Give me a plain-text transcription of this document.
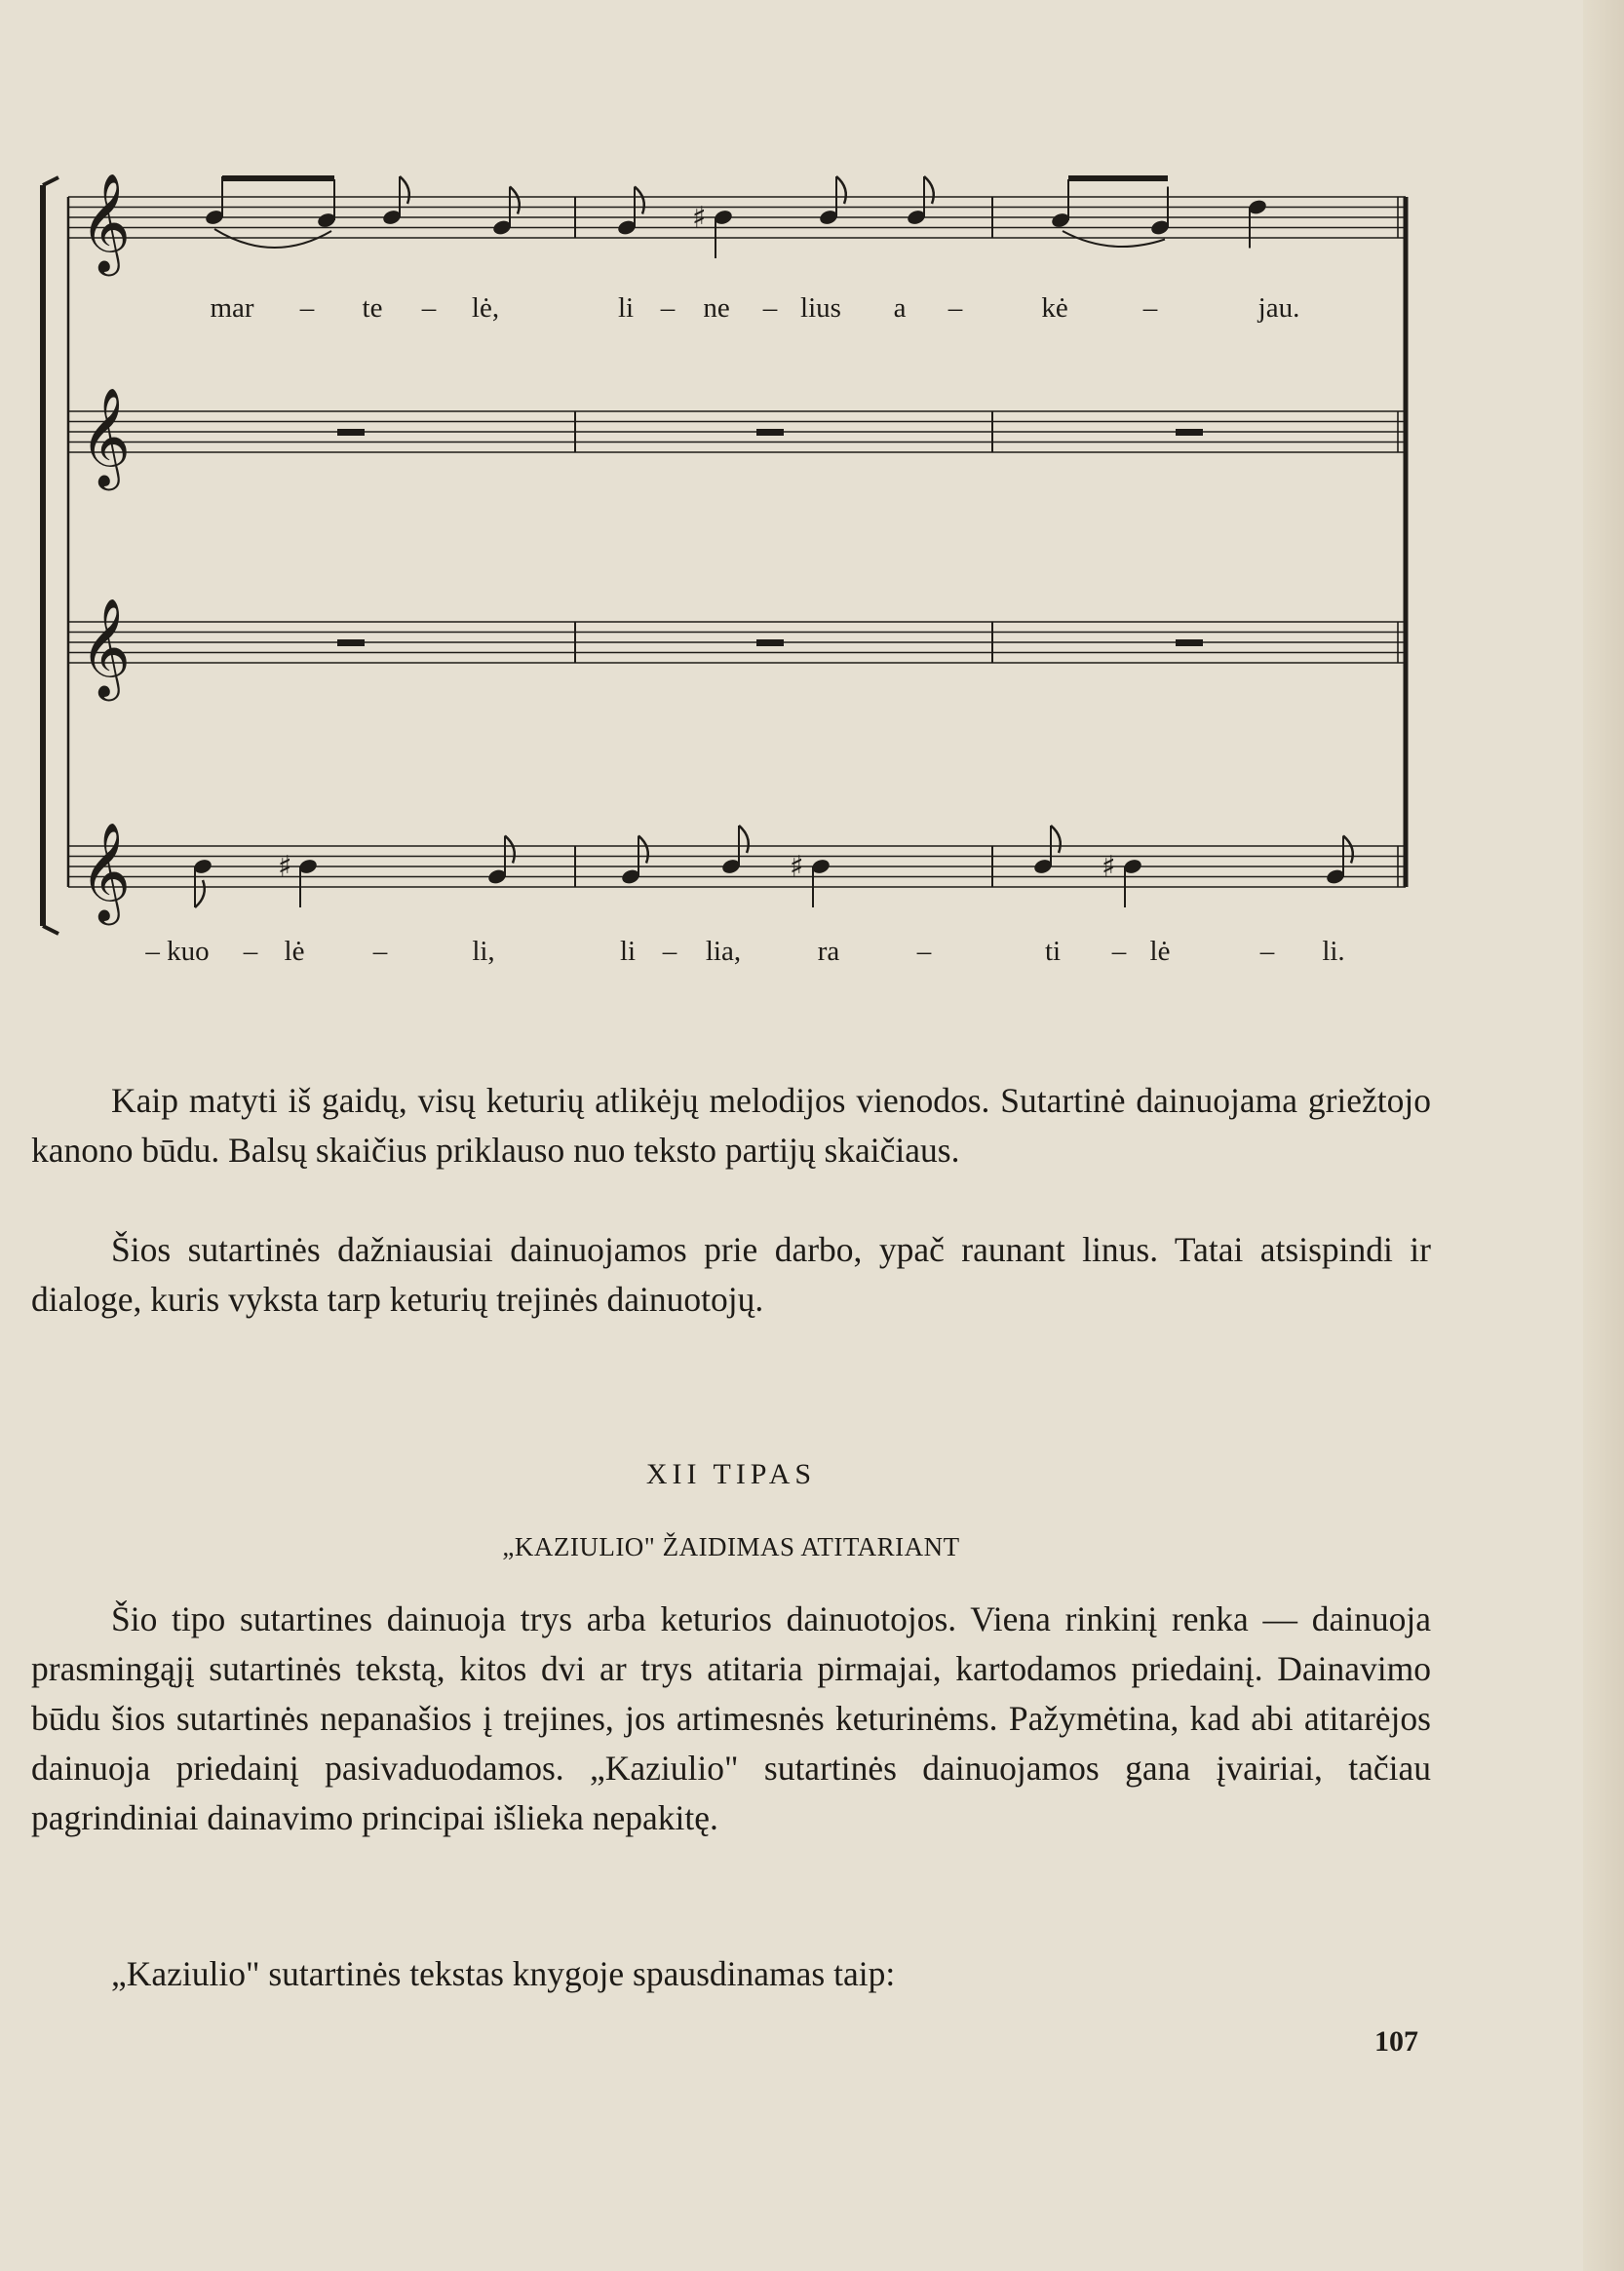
𝄞
𝄞
𝄞
𝄞
♯
♯	♯	♯
mar – te – lė,	li – ne – lius a –	kė	–	jau.
– kuo – lė –	li,	li – lia,	ra	–	ti – lė	– li.

Kaip matyti iš gaidų, visų keturių atlikėjų melodijos vienodos. Sutartinė dainuojama griežtojo kanono būdu. Balsų skaičius priklauso nuo teksto partijų skaičiaus.

Šios sutartinės dažniausiai dainuojamos prie darbo, ypač raunant linus. Tatai atsispindi ir dialoge, kuris vyksta tarp keturių trejinės dainuotojų.

XII TIPAS
„KAZIULIO" ŽAIDIMAS ATITARIANT

Šio tipo sutartines dainuoja trys arba keturios dainuotojos. Viena rinkinį renka — dainuoja prasmingąjį sutartinės tekstą, kitos dvi ar trys atitaria pirmajai, kartodamos priedainį. Dainavimo būdu šios sutartinės nepanašios į trejines, jos artimesnės keturinėms. Pažymėtina, kad abi atitarėjos dainuoja priedainį pasivaduodamos. „Kaziulio" sutartinės dainuojamos gana įvairiai, tačiau pagrindiniai dainavimo principai išlieka nepakitę.

„Kaziulio" sutartinės tekstas knygoje spausdinamas taip:

107
